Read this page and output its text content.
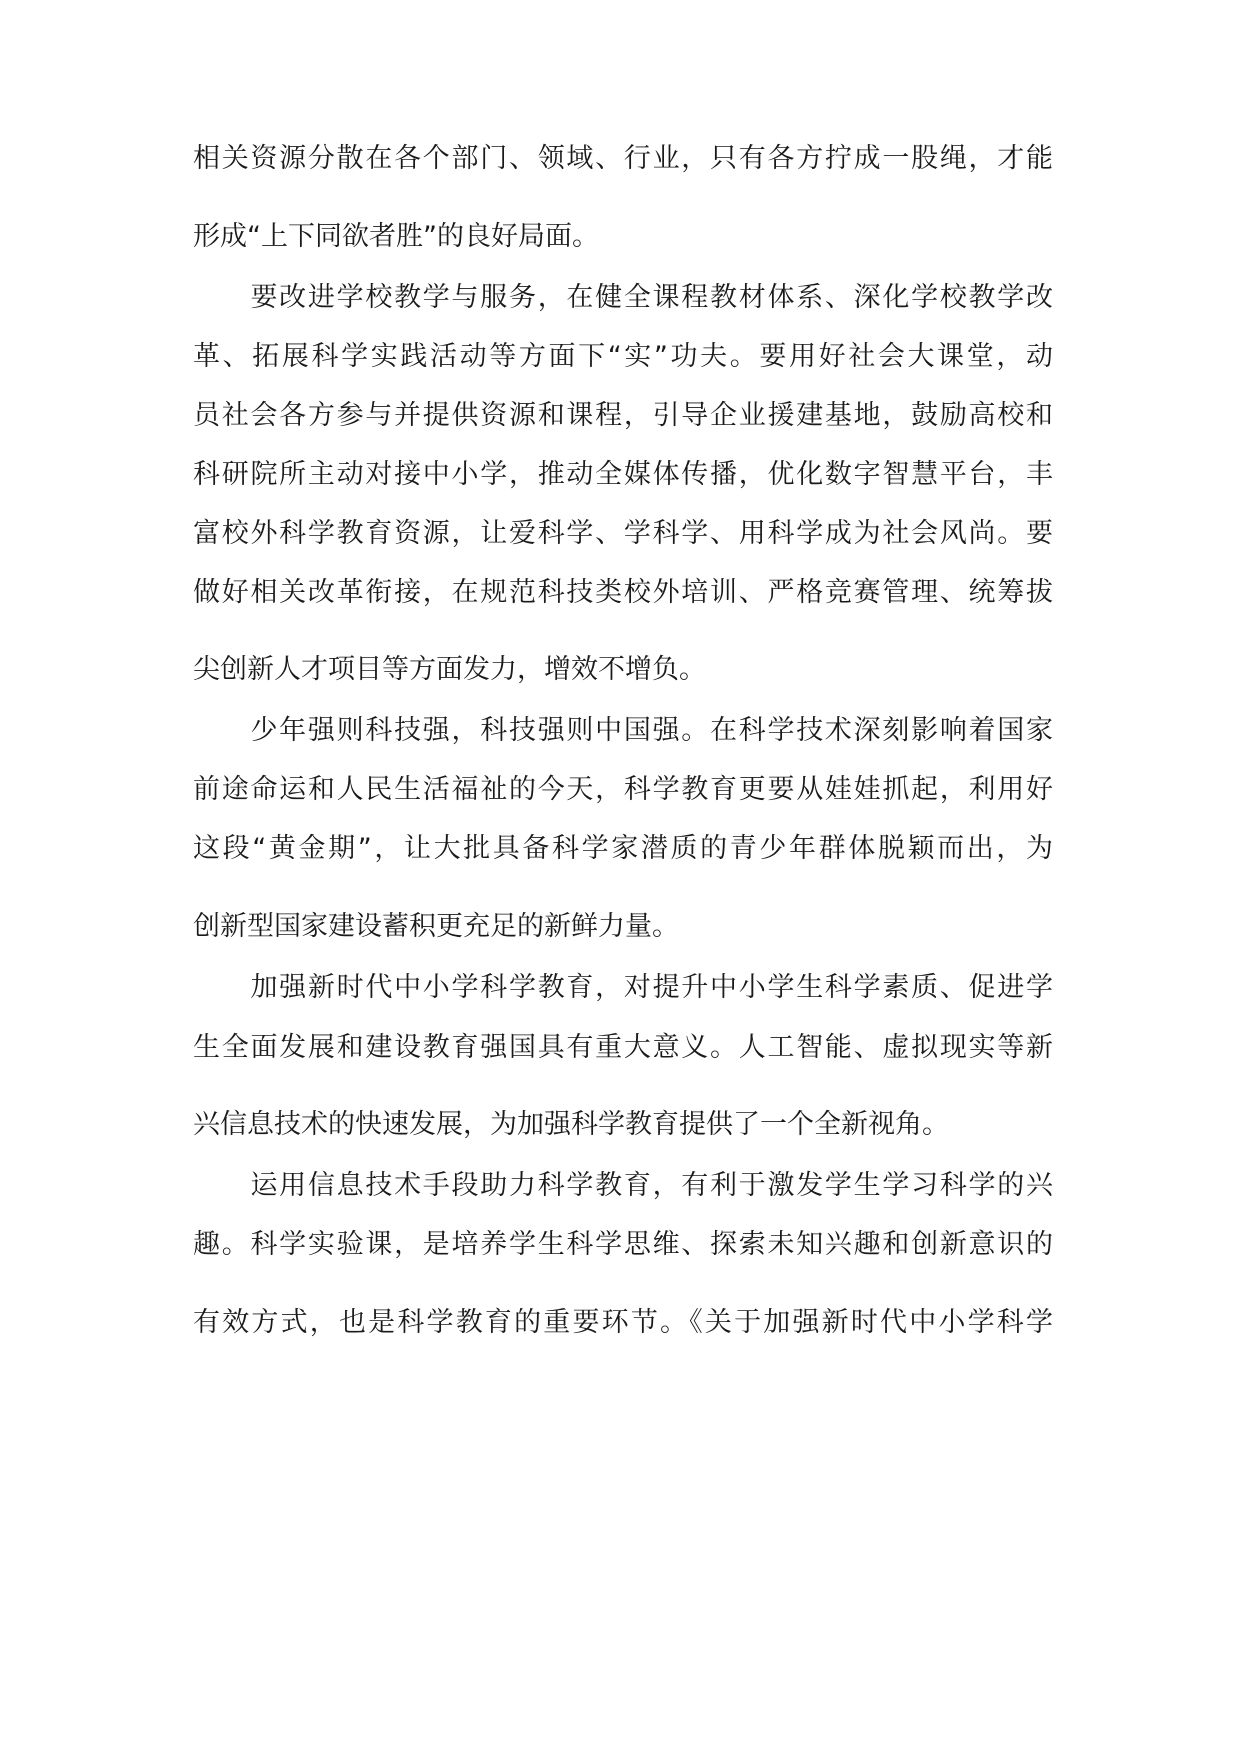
相关资源分散在各个部门、领域、行业，只有各方拧成一股绳，才能

形成“上下同欲者胜”的良好局面。

　　要改进学校教学与服务，在健全课程教材体系、深化学校教学改

革、拓展科学实践活动等方面下“实”功夫。要用好社会大课堂，动

员社会各方参与并提供资源和课程，引导企业援建基地，鼓励高校和

科研院所主动对接中小学，推动全媒体传播，优化数字智慧平台，丰

富校外科学教育资源，让爱科学、学科学、用科学成为社会风尚。要

做好相关改革衔接，在规范科技类校外培训、严格竞赛管理、统筹拔

尖创新人才项目等方面发力，增效不增负。

　　少年强则科技强，科技强则中国强。在科学技术深刻影响着国家

前途命运和人民生活福祉的今天，科学教育更要从娃娃抓起，利用好

这段“黄金期”，让大批具备科学家潜质的青少年群体脱颖而出，为

创新型国家建设蓄积更充足的新鲜力量。

　　加强新时代中小学科学教育，对提升中小学生科学素质、促进学

生全面发展和建设教育强国具有重大意义。人工智能、虚拟现实等新

兴信息技术的快速发展，为加强科学教育提供了一个全新视角。

　　运用信息技术手段助力科学教育，有利于激发学生学习科学的兴

趣。科学实验课，是培养学生科学思维、探索未知兴趣和创新意识的

有效方式，也是科学教育的重要环节。《关于加强新时代中小学科学
